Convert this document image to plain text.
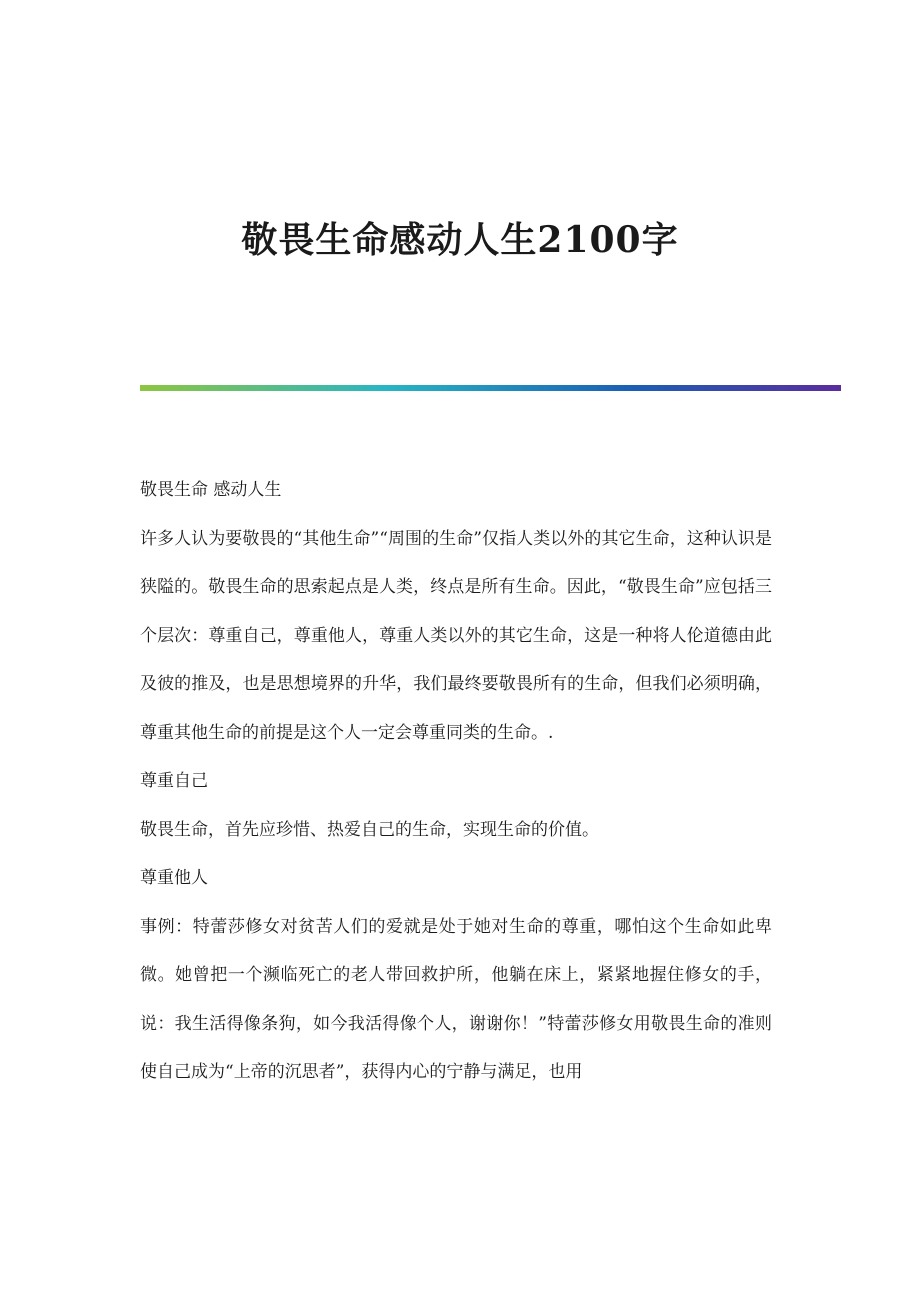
敬畏生命感动人生2100字

敬畏生命 感动人生

许多人认为要敬畏的“其他生命”“周围的生命”仅指人类以外的其它生命，这种认识是狭隘的。敬畏生命的思索起点是人类，终点是所有生命。因此，“敬畏生命”应包括三个层次：尊重自己，尊重他人，尊重人类以外的其它生命，这是一种将人伦道德由此及彼的推及，也是思想境界的升华，我们最终要敬畏所有的生命，但我们必须明确，尊重其他生命的前提是这个人一定会尊重同类的生命。.

尊重自己

敬畏生命，首先应珍惜、热爱自己的生命，实现生命的价值。

尊重他人

事例：特蕾莎修女对贫苦人们的爱就是处于她对生命的尊重，哪怕这个生命如此卑微。她曾把一个濒临死亡的老人带回救护所，他躺在床上，紧紧地握住修女的手，说：我生活得像条狗，如今我活得像个人，谢谢你！”特蕾莎修女用敬畏生命的准则使自己成为“上帝的沉思者”，获得内心的宁静与满足，也用
